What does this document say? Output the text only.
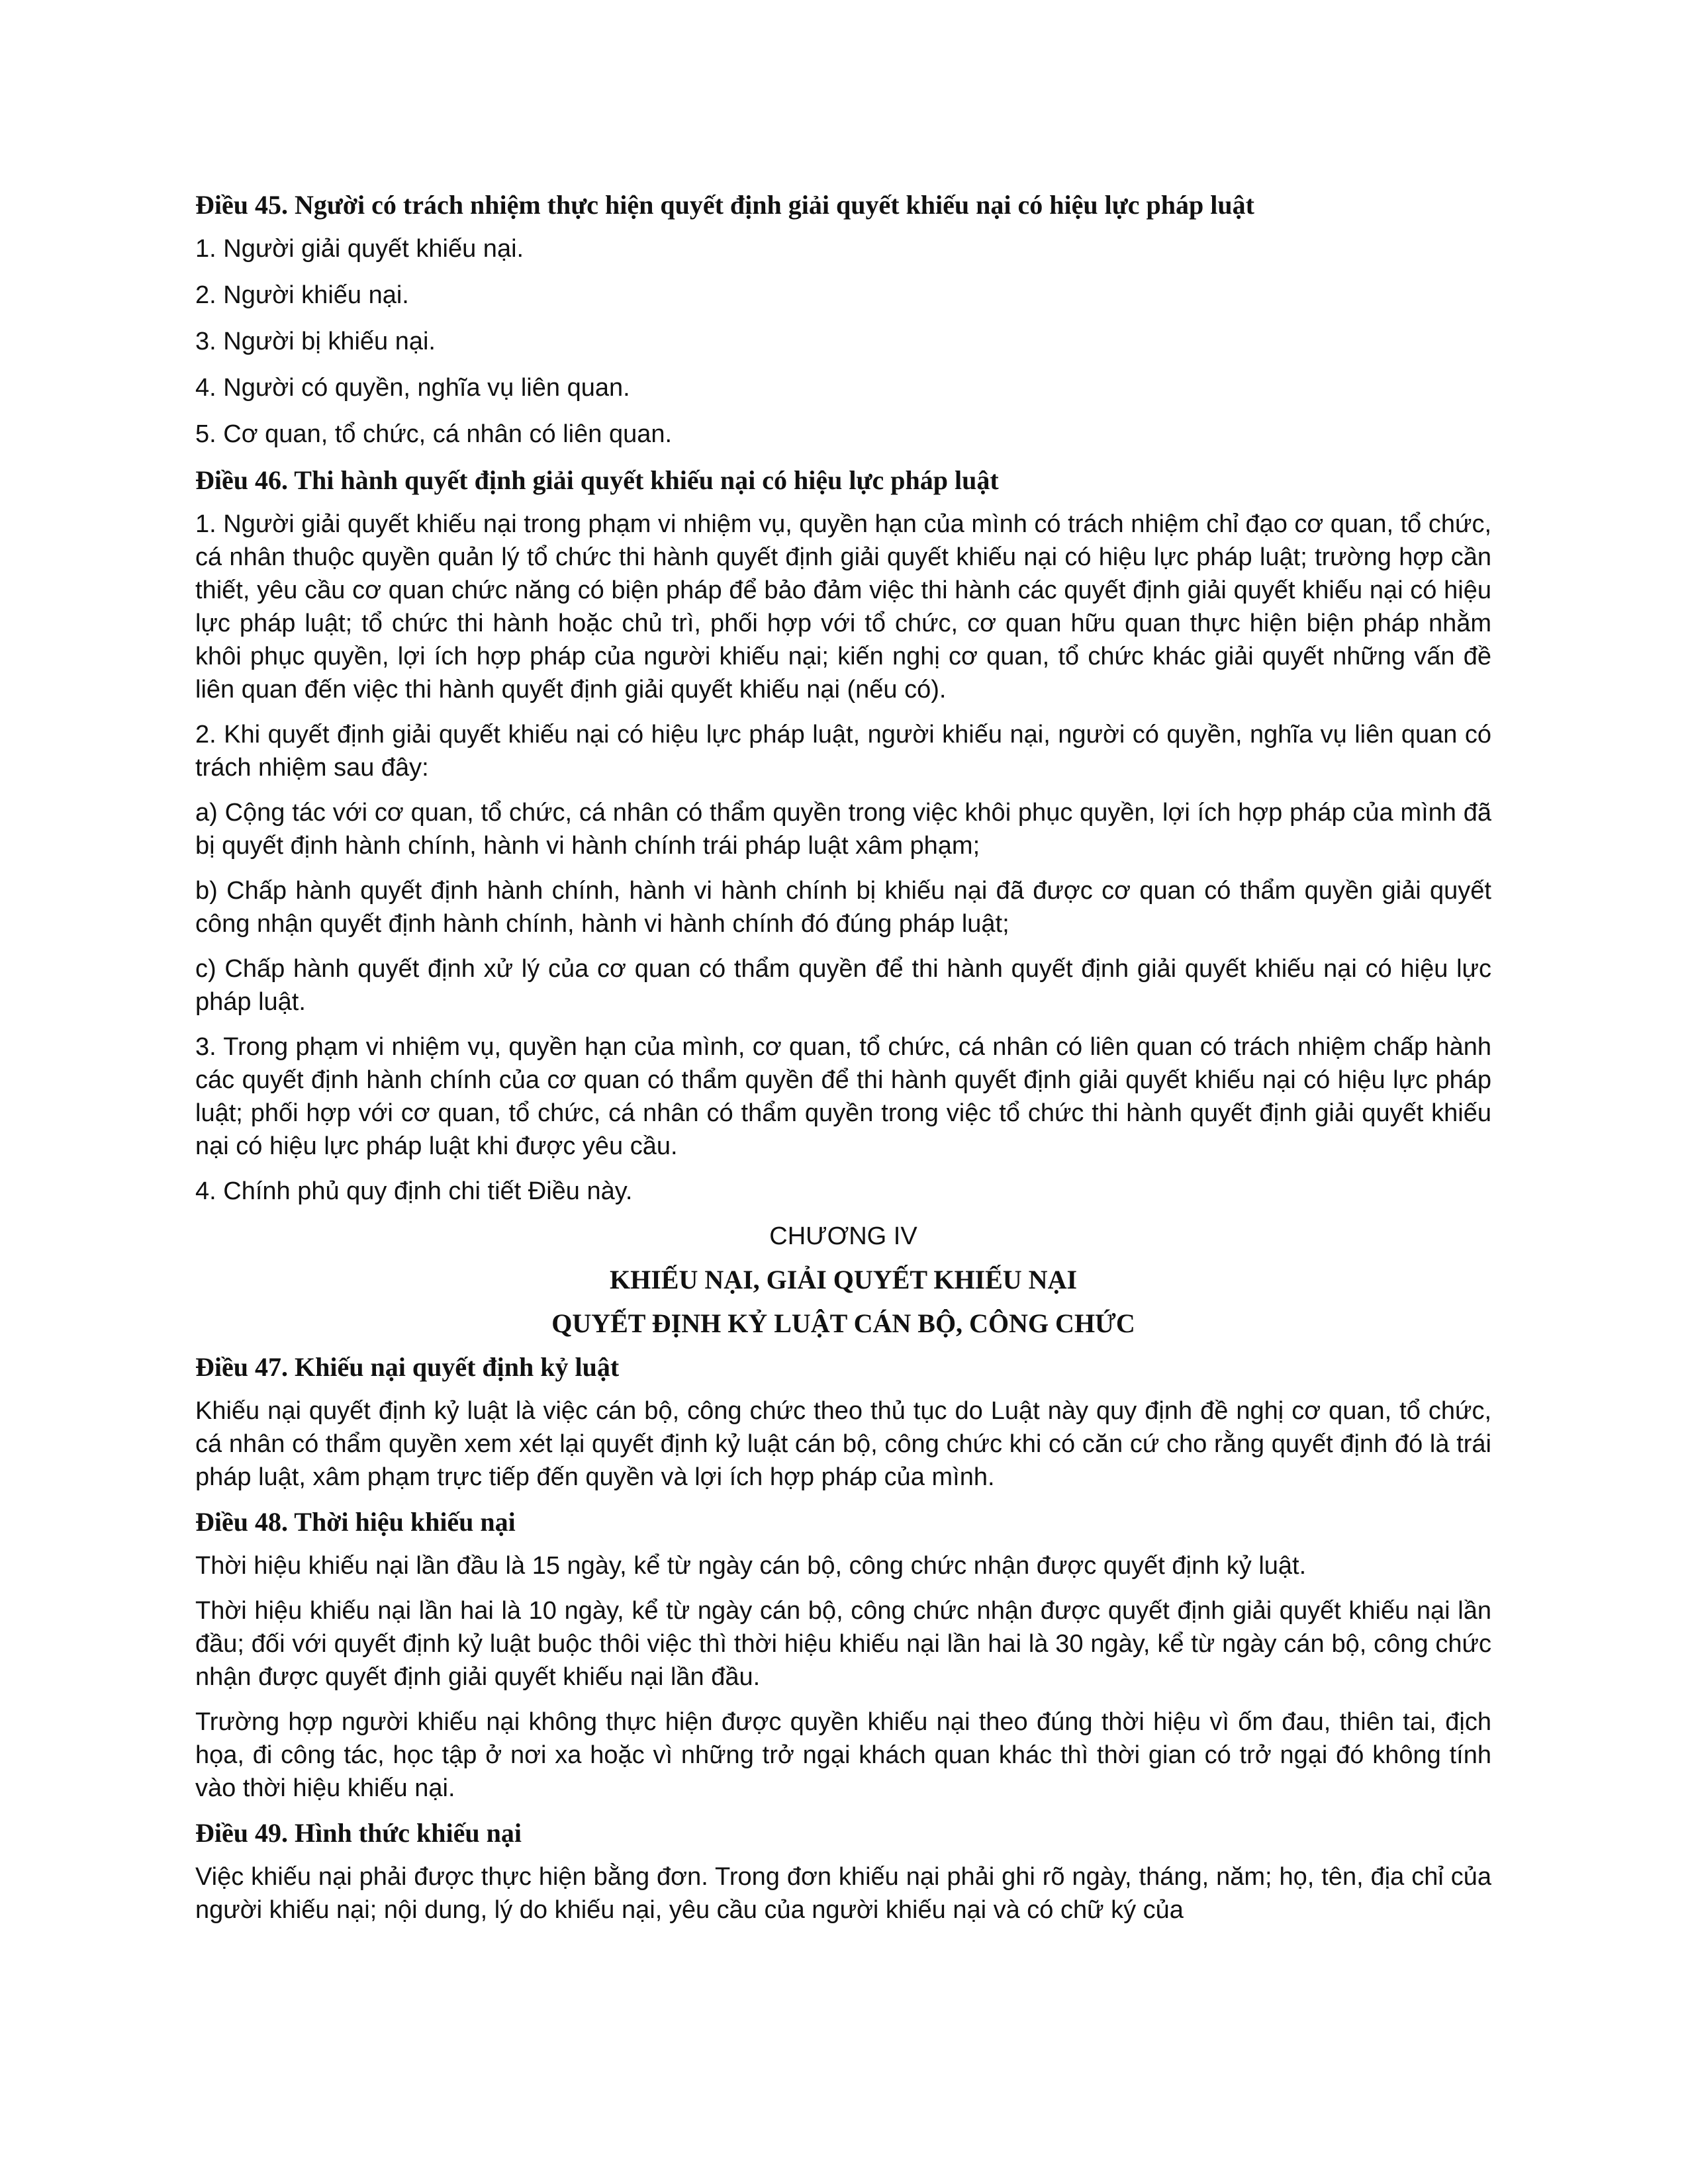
Điều 45. Người có trách nhiệm thực hiện quyết định giải quyết khiếu nại có hiệu lực pháp luật
1. Người giải quyết khiếu nại.
2. Người khiếu nại.
3. Người bị khiếu nại.
4. Người có quyền, nghĩa vụ liên quan.
5. Cơ quan, tổ chức, cá nhân có liên quan.
Điều 46. Thi hành quyết định giải quyết khiếu nại có hiệu lực pháp luật
1. Người giải quyết khiếu nại trong phạm vi nhiệm vụ, quyền hạn của mình có trách nhiệm chỉ đạo cơ quan, tổ chức, cá nhân thuộc quyền quản lý tổ chức thi hành quyết định giải quyết khiếu nại có hiệu lực pháp luật; trường hợp cần thiết, yêu cầu cơ quan chức năng có biện pháp để bảo đảm việc thi hành các quyết định giải quyết khiếu nại có hiệu lực pháp luật; tổ chức thi hành hoặc chủ trì, phối hợp với tổ chức, cơ quan hữu quan thực hiện biện pháp nhằm khôi phục quyền, lợi ích hợp pháp của người khiếu nại; kiến nghị cơ quan, tổ chức khác giải quyết những vấn đề liên quan đến việc thi hành quyết định giải quyết khiếu nại (nếu có).
2. Khi quyết định giải quyết khiếu nại có hiệu lực pháp luật, người khiếu nại, người có quyền, nghĩa vụ liên quan có trách nhiệm sau đây:
a) Cộng tác với cơ quan, tổ chức, cá nhân có thẩm quyền trong việc khôi phục quyền, lợi ích hợp pháp của mình đã bị quyết định hành chính, hành vi hành chính trái pháp luật xâm phạm;
b) Chấp hành quyết định hành chính, hành vi hành chính bị khiếu nại đã được cơ quan có thẩm quyền giải quyết công nhận quyết định hành chính, hành vi hành chính đó đúng pháp luật;
c) Chấp hành quyết định xử lý của cơ quan có thẩm quyền để thi hành quyết định giải quyết khiếu nại có hiệu lực pháp luật.
3. Trong phạm vi nhiệm vụ, quyền hạn của mình, cơ quan, tổ chức, cá nhân có liên quan có trách nhiệm chấp hành các quyết định hành chính của cơ quan có thẩm quyền để thi hành quyết định giải quyết khiếu nại có hiệu lực pháp luật; phối hợp với cơ quan, tổ chức, cá nhân có thẩm quyền trong việc tổ chức thi hành quyết định giải quyết khiếu nại có hiệu lực pháp luật khi được yêu cầu.
4. Chính phủ quy định chi tiết Điều này.
CHƯƠNG IV
KHIẾU NẠI, GIẢI QUYẾT KHIẾU NẠI
QUYẾT ĐỊNH KỶ LUẬT CÁN BỘ, CÔNG CHỨC
Điều 47. Khiếu nại quyết định kỷ luật
Khiếu nại quyết định kỷ luật là việc cán bộ, công chức theo thủ tục do Luật này quy định đề nghị cơ quan, tổ chức, cá nhân có thẩm quyền xem xét lại quyết định kỷ luật cán bộ, công chức khi có căn cứ cho rằng quyết định đó là trái pháp luật, xâm phạm trực tiếp đến quyền và lợi ích hợp pháp của mình.
Điều 48. Thời hiệu khiếu nại
Thời hiệu khiếu nại lần đầu là 15 ngày, kể từ ngày cán bộ, công chức nhận được quyết định kỷ luật.
Thời hiệu khiếu nại lần hai là 10 ngày, kể từ ngày cán bộ, công chức nhận được quyết định giải quyết khiếu nại lần đầu; đối với quyết định kỷ luật buộc thôi việc thì thời hiệu khiếu nại lần hai là 30 ngày, kể từ ngày cán bộ, công chức nhận được quyết định giải quyết khiếu nại lần đầu.
Trường hợp người khiếu nại không thực hiện được quyền khiếu nại theo đúng thời hiệu vì ốm đau, thiên tai, địch họa, đi công tác, học tập ở nơi xa hoặc vì những trở ngại khách quan khác thì thời gian có trở ngại đó không tính vào thời hiệu khiếu nại.
Điều 49. Hình thức khiếu nại
Việc khiếu nại phải được thực hiện bằng đơn. Trong đơn khiếu nại phải ghi rõ ngày, tháng, năm; họ, tên, địa chỉ của người khiếu nại; nội dung, lý do khiếu nại, yêu cầu của người khiếu nại và có chữ ký của
